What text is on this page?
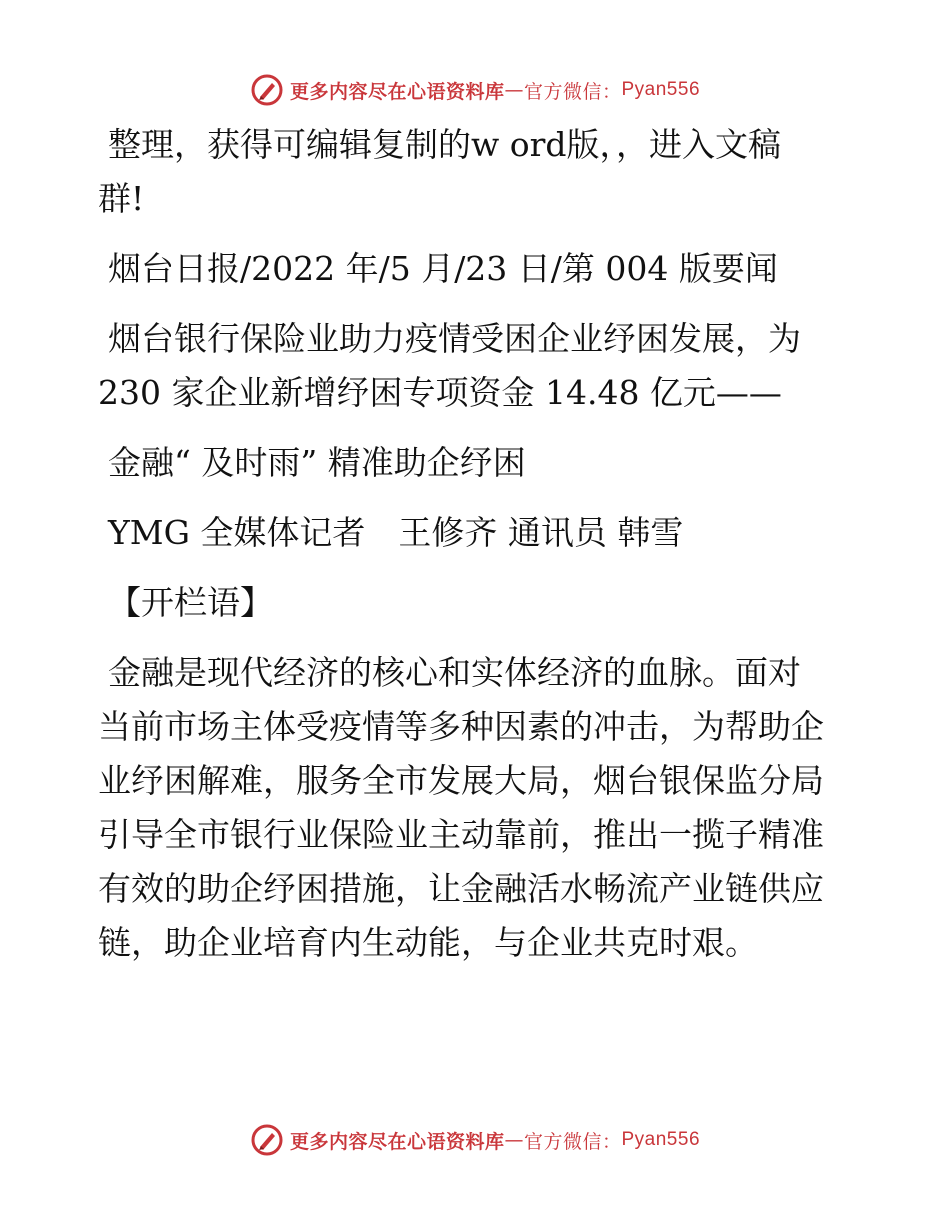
更多内容尽在心语资料库 — 官方微信： Pyan556
整理，获得可编辑复制的w ord版，，进入文稿
群!
烟台日报/2022 年/5 月/23 日/第 004 版要闻
烟台银行保险业助力疫情受困企业纾困发展，为
230 家企业新增纾困专项资金 14.48 亿元——
金融“ 及时雨” 精准助企纾困
YMG 全媒体记者　王修齐 通讯员 韩雪
【开栏语】
金融是现代经济的核心和实体经济的血脉。面对
当前市场主体受疫情等多种因素的冲击，为帮助企
业纾困解难，服务全市发展大局，烟台银保监分局
引导全市银行业保险业主动靠前，推出一揽子精准
有效的助企纾困措施，让金融活水畅流产业链供应
链，助企业培育内生动能，与企业共克时艰。
更多内容尽在心语资料库 — 官方微信： Pyan556
